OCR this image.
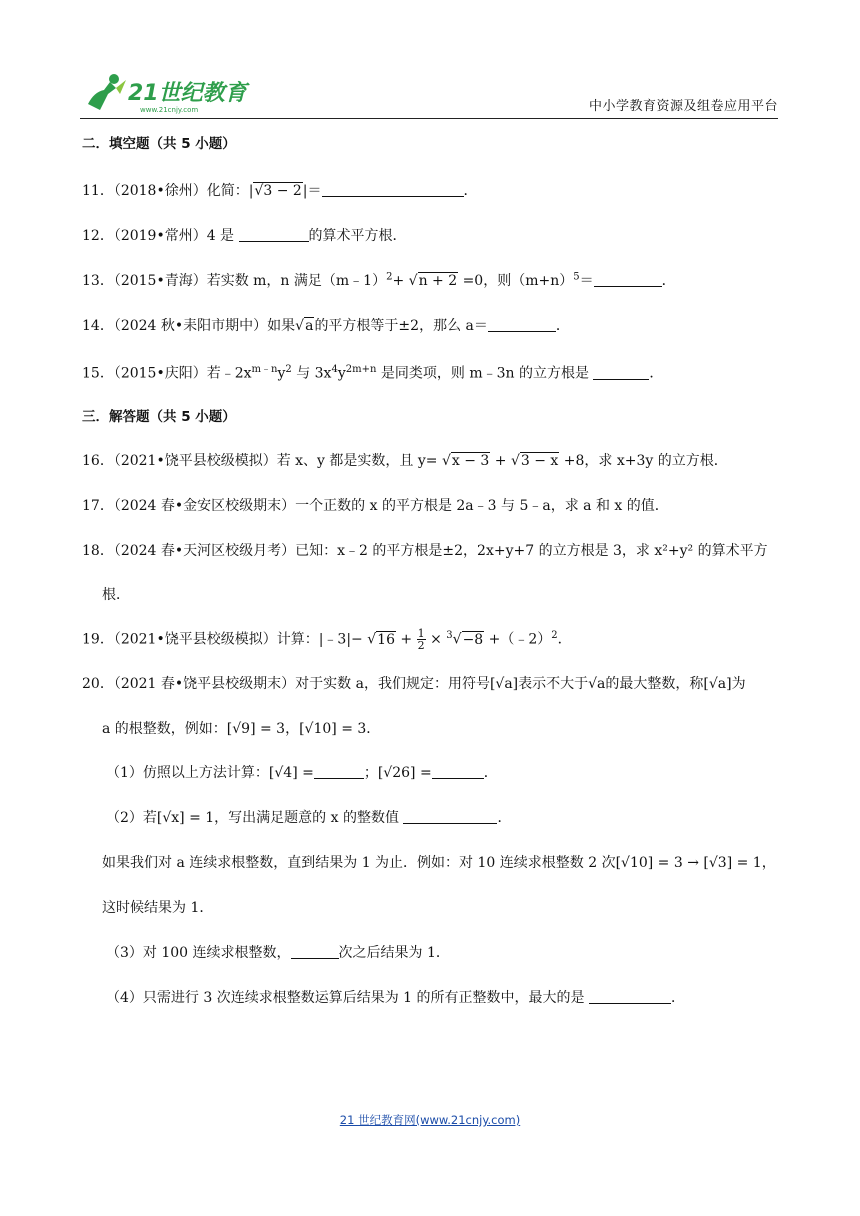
21世纪教育
www.21cnjy.com	中小学教育资源及组卷应用平台
二．填空题（共 5 小题）
11．（2018•徐州）化简：|√3 − 2|＝	．
12．（2019•常州）4 是	的算术平方根．
13．（2015•青海）若实数 m，n 满足（m﹣1）$^2$+ √n + 2 =0，则$(m+n)^5=$	．
14．（2024 秋•耒阳市期中）如果√a的平方根等于±2，那么 a＝	．
15．（2015•庆阳）若$﹣2x^{m﹣n}y^2$ 与 $3x^4y^{2m+n}$ 是同类项，则 m﹣3n 的立方根是	．
三．解答题（共 5 小题）
16．（2021•饶平县校级模拟）若 x、y 都是实数，且 y= √x − 3 + √3 − x +8，求 x+3y 的立方根．
17．（2024 春•金安区校级期末）一个正数的 x 的平方根是 2a﹣3 与 5﹣a，求 a 和 x 的值．
18．（2024 春•天河区校级月考）已知：x﹣2 的平方根是±2，2x+y+7 的立方根是 3，求 x²+y² 的算术平方
根．
19．（2021•饶平县校级模拟）计算：|﹣3|− $√16 + \frac{1}{2} \times ^3√-8$ +（﹣2）$^2$．
20．（2021 春•饶平县校级期末）对于实数 a，我们规定：用符号[√a]表示不大于√a的最大整数，称[√a]为
a 的根整数，例如：[√9] = 3，[√10] = 3．
（1）仿照以上方法计算：[√4] =	；[√26] =	．
（2）若[√x] = 1，写出满足题意的 x 的整数值	．
如果我们对 a 连续求根整数，直到结果为 1 为止．例如：对 10 连续求根整数 2 次[√10] = 3 → [√3] = 1，
这时候结果为 1．
（3）对 100 连续求根整数，	次之后结果为 1．
（4）只需进行 3 次连续求根整数运算后结果为 1 的所有正整数中，最大的是	．
21 世纪教育网(www.21cnjy.com)
